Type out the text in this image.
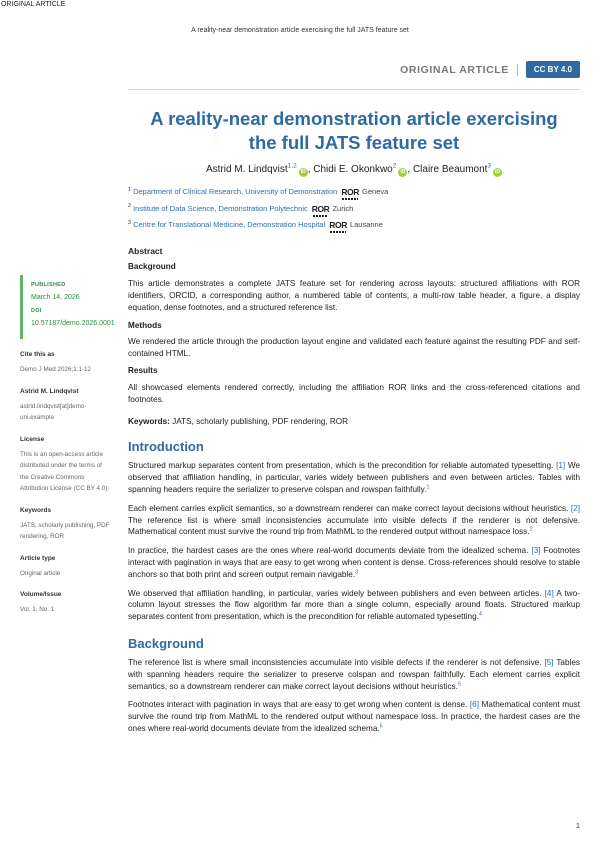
ORIGINAL ARTICLE
A reality-near demonstration article exercising the full JATS feature set
ORIGINAL ARTICLE	CC BY 4.0
A reality-near demonstration article exercising the full JATS feature set
Astrid M. Lindqvist$^{1,2}$iD , Chidi E. Okonkwo$^2$iD , Claire Beaumont$^3$iD
$^1$ Department of Clinical Research, University of Demonstration ROR Geneva
$^2$ Institute of Data Science, Demonstration Polytechnic ROR Zurich
$^3$ Centre for Translational Medicine, Demonstration Hospital ROR Lausanne
Abstract
Background

This article demonstrates a complete JATS feature set for rendering across layouts: structured affiliations with ROR identifiers, ORCID, a corresponding author, a numbered table of contents, a multi-row table header, a figure, a display equation, dense footnotes, and a structured reference list.

Methods

We rendered the article through the production layout engine and validated each feature against the resulting PDF and self-contained HTML.

Results

All showcased elements rendered correctly, including the affiliation ROR links and the cross-referenced citations and footnotes.

Keywords: JATS, scholarly publishing, PDF rendering, ROR
Introduction

Structured markup separates content from presentation, which is the precondition for reliable automated typesetting. [1] We observed that affiliation handling, in particular, varies widely between publishers and even between articles. Tables with spanning headers require the serializer to preserve colspan and rowspan faithfully.$^1$

Each element carries explicit semantics, so a downstream renderer can make correct layout decisions without heuristics. [2] The reference list is where small inconsistencies accumulate into visible defects if the renderer is not defensive. Mathematical content must survive the round trip from MathML to the rendered output without namespace loss.$^2$

In practice, the hardest cases are the ones where real-world documents deviate from the idealized schema. [3] Footnotes interact with pagination in ways that are easy to get wrong when content is dense. Cross-references should resolve to stable anchors so that both print and screen output remain navigable.$^3$

We observed that affiliation handling, in particular, varies widely between publishers and even between articles. [4] A two-column layout stresses the flow algorithm far more than a single column, especially around floats. Structured markup separates content from presentation, which is the precondition for reliable automated typesetting.$^4$

Background

The reference list is where small inconsistencies accumulate into visible defects if the renderer is not defensive. [5] Tables with spanning headers require the serializer to preserve colspan and rowspan faithfully. Each element carries explicit semantics, so a downstream renderer can make correct layout decisions without heuristics.$^5$

Footnotes interact with pagination in ways that are easy to get wrong when content is dense. [6] Mathematical content must survive the round trip from MathML to the rendered output without namespace loss. In practice, the hardest cases are the ones where real-world documents deviate from the idealized schema.$^6$

PUBLISHED
March 14, 2026
DOI
10.57187/demo.2026.0001
Cite this as
Demo J Med 2026;1:1-12
Astrid M. Lindqvist
astrid.lindqvist[at]demo-uni.example
License
This is an open-access article distributed under the terms of the Creative Commons Attribution License (CC BY 4.0).
Keywords
JATS, scholarly publishing, PDF rendering, ROR
Article type
Original article
Volume/Issue
Vol. 1, No. 1
1
